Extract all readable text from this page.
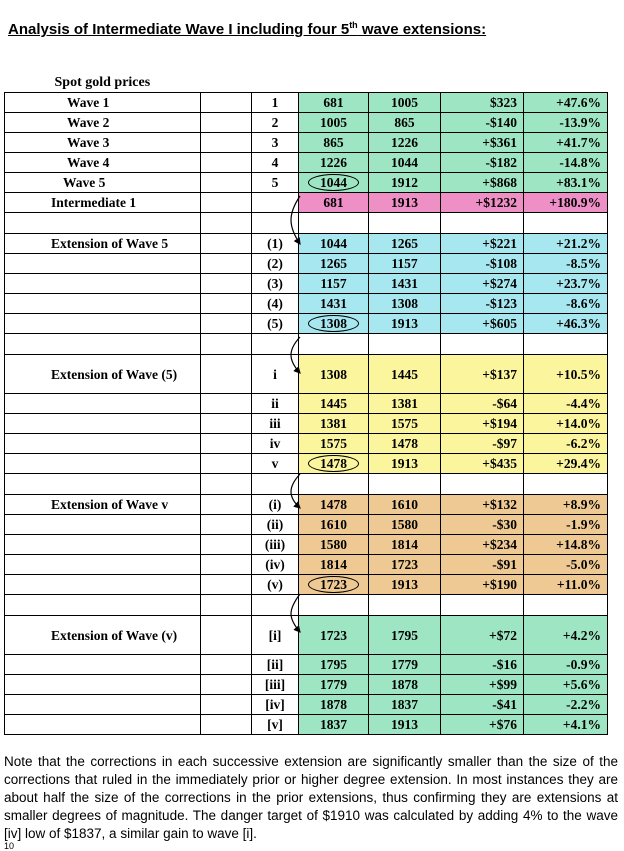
Analysis of Intermediate Wave I including four 5th wave extensions:
Spot gold prices						
Wave 1		1	681	1005	$323	+47.6%
Wave 2		2	1005	865	-$140	-13.9%
Wave 3		3	865	1226	+$361	+41.7%
Wave 4		4	1226	1044	-$182	-14.8%
Wave 5		5	1044	1912	+$868	+83.1%
Intermediate 1			681	1913	+$1232	+180.9%

Extension of Wave 5		(1)	1044	1265	+$221	+21.2%
		(2)	1265	1157	-$108	-8.5%
		(3)	1157	1431	+$274	+23.7%
		(4)	1431	1308	-$123	-8.6%
		(5)	1308	1913	+$605	+46.3%

Extension of Wave (5)		i	1308	1445	+$137	+10.5%
		ii	1445	1381	-$64	-4.4%
		iii	1381	1575	+$194	+14.0%
		iv	1575	1478	-$97	-6.2%
		v	1478	1913	+$435	+29.4%

Extension of Wave v		(i)	1478	1610	+$132	+8.9%
		(ii)	1610	1580	-$30	-1.9%
		(iii)	1580	1814	+$234	+14.8%
		(iv)	1814	1723	-$91	-5.0%
		(v)	1723	1913	+$190	+11.0%

Extension of Wave (v)		[i]	1723	1795	+$72	+4.2%
		[ii]	1795	1779	-$16	-0.9%
		[iii]	1779	1878	+$99	+5.6%
		[iv]	1878	1837	-$41	-2.2%
		[v]	1837	1913	+$76	+4.1%

Note that the corrections in each successive extension are significantly smaller than the size of the corrections that ruled in the immediately prior or higher degree extension. In most instances they are about half the size of the corrections in the prior extensions, thus confirming they are extensions at smaller degrees of magnitude. The danger target of $1910 was calculated by adding 4% to the wave [iv] low of $1837, a similar gain to wave [i].

10
